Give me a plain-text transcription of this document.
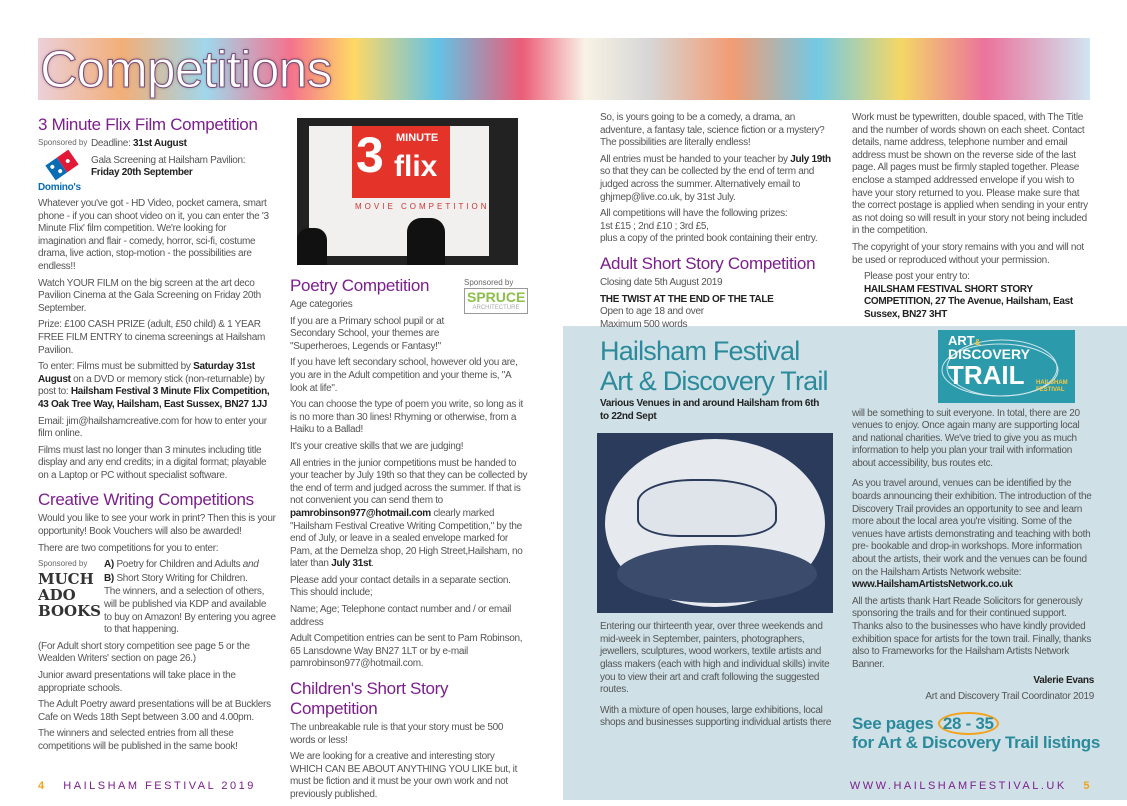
Competitions
3 Minute Flix Film Competition
Sponsored by
Domino's

Deadline: 31st August

Gala Screening at Hailsham Pavilion:
Friday 20th September

Whatever you've got - HD Video, pocket camera, smart phone - if you can shoot video on it, you can enter the '3 Minute Flix' film competition. We're looking for imagination and flair - comedy, horror, sci-fi, costume drama, live action, stop-motion - the possibilities are endless!!

Watch YOUR FILM on the big screen at the art deco Pavilion Cinema at the Gala Screening on Friday 20th September.

Prize: £100 CASH PRIZE (adult, £50 child) & 1 YEAR FREE FILM ENTRY to cinema screenings at Hailsham Pavilion.

To enter: Films must be submitted by Saturday 31st August on a DVD or memory stick (non-returnable) by post to: Hailsham Festival 3 Minute Flix Competition, 43 Oak Tree Way, Hailsham, East Sussex, BN27 1JJ

Email: jim@hailshamcreative.com for how to enter your film online.

Films must last no longer than 3 minutes including title display and any end credits; in a digital format; playable on a Laptop or PC without specialist software.

Creative Writing Competitions

Would you like to see your work in print? Then this is your opportunity! Book Vouchers will also be awarded!

There are two competitions for you to enter:

Sponsored by
MUCH ADO BOOKS

A) Poetry for Children and Adults and

B) Short Story Writing for Children.

The winners, and a selection of others, will be published via KDP and available to buy on Amazon! By entering you agree to that happening.

(For Adult short story competition see page 5 or the Wealden Writers' section on page 26.)

Junior award presentations will take place in the appropriate schools.

The Adult Poetry award presentations will be at Bucklers Cafe on Weds 18th Sept between 3.00 and 4.00pm.

The winners and selected entries from all these competitions will be published in the same book!

3 MINUTE
flix
MOVIE COMPETITION
Sponsored by
SPRUCE
ARCHITECTURE
Poetry Competition

Age categories

If you are a Primary school pupil or at Secondary School, your themes are "Superheroes, Legends or Fantasy!"

If you have left secondary school, however old you are, you are in the Adult competition and your theme is, "A look at life".

You can choose the type of poem you write, so long as it is no more than 30 lines! Rhyming or otherwise, from a Haiku to a Ballad!

It's your creative skills that we are judging!

All entries in the junior competitions must be handed to your teacher by July 19th so that they can be collected by the end of term and judged across the summer. If that is not convenient you can send them to pamrobinson977@hotmail.com clearly marked "Hailsham Festival Creative Writing Competition," by the end of July, or leave in a sealed envelope marked for Pam, at the Demelza shop, 20 High Street,Hailsham, no later than July 31st.

Please add your contact details in a separate section. This should include;

Name; Age; Telephone contact number and / or email address

Adult Competition entries can be sent to Pam Robinson, 65 Lansdowne Way BN27 1LT or by e-mail pamrobinson977@hotmail.com.

Children's Short Story Competition

The unbreakable rule is that your story must be 500 words or less!

We are looking for a creative and interesting story WHICH CAN BE ABOUT ANYTHING YOU LIKE but, it must be fiction and it must be your own work and not previously published.

So, is yours going to be a comedy, a drama, an adventure, a fantasy tale, science fiction or a mystery? The possibilities are literally endless!

All entries must be handed to your teacher by July 19th so that they can be collected by the end of term and judged across the summer. Alternatively email to ghjmep@live.co.uk, by 31st July.

All competitions will have the following prizes:
1st £15 ; 2nd £10 ; 3rd £5,
plus a copy of the printed book containing their entry.

Adult Short Story Competition

Closing date 5th August 2019

THE TWIST AT THE END OF THE TALE

Open to age 18 and over
Maximum 500 words
Hailsham Festival
Art & Discovery Trail
Various Venues in and around Hailsham from 6th to 22nd Sept

Entering our thirteenth year, over three weekends and mid-week in September, painters, photographers, jewellers, sculptures, wood workers, textile artists and glass makers (each with high and individual skills) invite you to view their art and craft following the suggested routes.

With a mixture of open houses, large exhibitions, local shops and businesses supporting individual artists there

Work must be typewritten, double spaced, with The Title and the number of words shown on each sheet. Contact details, name address, telephone number and email address must be shown on the reverse side of the last page. All pages must be firmly stapled together. Please enclose a stamped addressed envelope if you wish to have your story returned to you. Please make sure that the correct postage is applied when sending in your entry as not doing so will result in your story not being included in the competition.

The copyright of your story remains with you and will not be used or reproduced without your permission.

Please post your entry to:
HAILSHAM FESTIVAL SHORT STORY COMPETITION, 27 The Avenue, Hailsham, East Sussex, BN27 3HT
ART&
DISCOVERY
TRAIL HAILSHAM FESTIVAL

will be something to suit everyone. In total, there are 20 venues to enjoy. Once again many are supporting local and national charities. We've tried to give you as much information to help you plan your trail with information about accessibility, bus routes etc.

As you travel around, venues can be identified by the boards announcing their exhibition. The introduction of the Discovery Trail provides an opportunity to see and learn more about the local area you're visiting. Some of the venues have artists demonstrating and teaching with both pre- bookable and drop-in workshops. More information about the artists, their work and the venues can be found on the Hailsham Artists Network website:
www.HailshamArtistsNetwork.co.uk

All the artists thank Hart Reade Solicitors for generously sponsoring the trails and for their continued support. Thanks also to the businesses who have kindly provided exhibition space for artists for the town trail. Finally, thanks also to Frameworks for the Hailsham Artists Network Banner.

Valerie Evans
Art and Discovery Trail Coordinator 2019
See pages 28 - 35
for Art & Discovery Trail listings
4 HAILSHAM FESTIVAL 2019	WWW.HAILSHAMFESTIVAL.UK 5
